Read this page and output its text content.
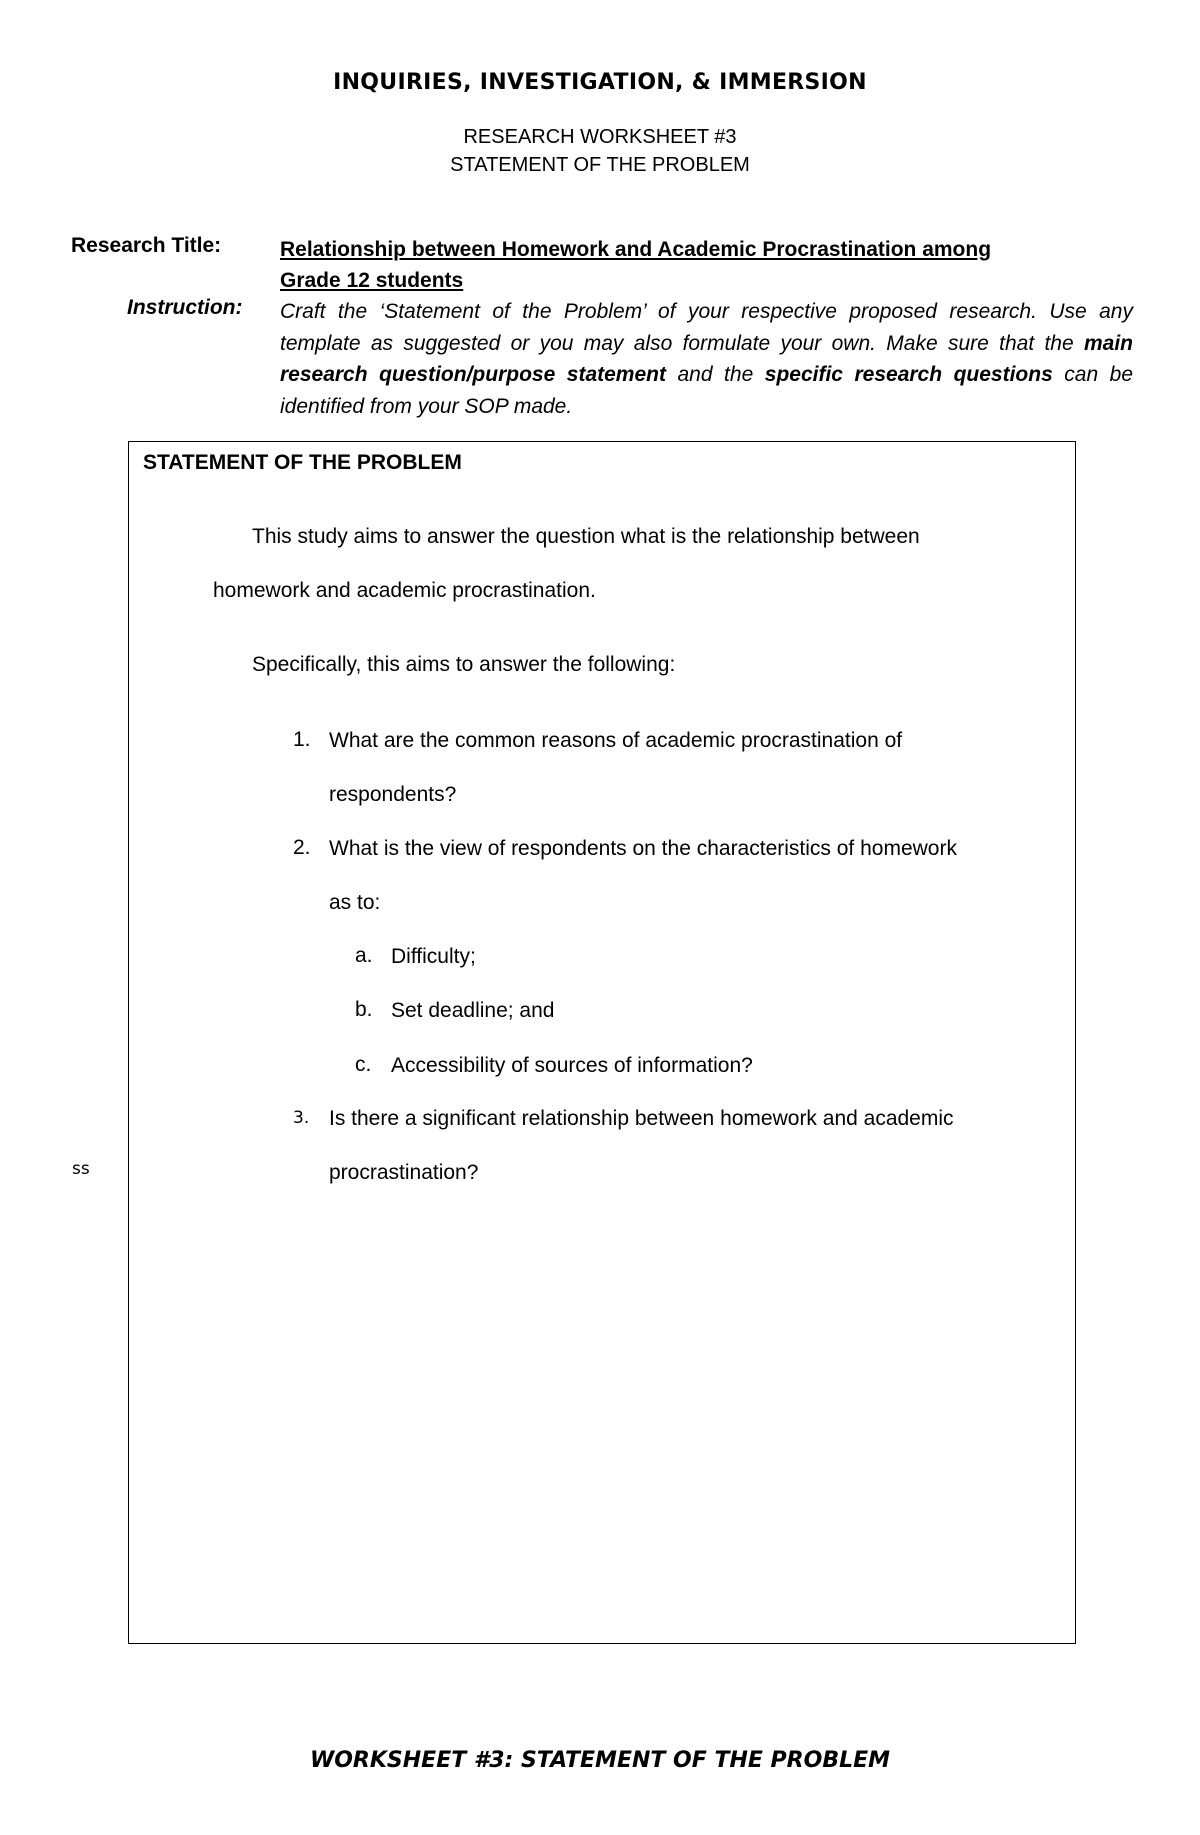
INQUIRIES, INVESTIGATION, & IMMERSION
RESEARCH WORKSHEET #3
STATEMENT OF THE PROBLEM
Research Title:	Relationship between Homework and Academic Procrastination among
Grade 12 students
Instruction: Craft the ‘Statement of the Problem’ of your respective proposed research. Use any template as suggested or you may also formulate your own. Make sure that the main research question/purpose statement and the specific research questions can be identified from your SOP made.
STATEMENT OF THE PROBLEM
This study aims to answer the question what is the relationship between
homework and academic procrastination.
Specifically, this aims to answer the following:
1. What are the common reasons of academic procrastination of
respondents?
2. What is the view of respondents on the characteristics of homework
as to:
a. Difficulty;
b. Set deadline; and
c. Accessibility of sources of information?
3. Is there a significant relationship between homework and academic
procrastination?
ss
WORKSHEET #3: STATEMENT OF THE PROBLEM
